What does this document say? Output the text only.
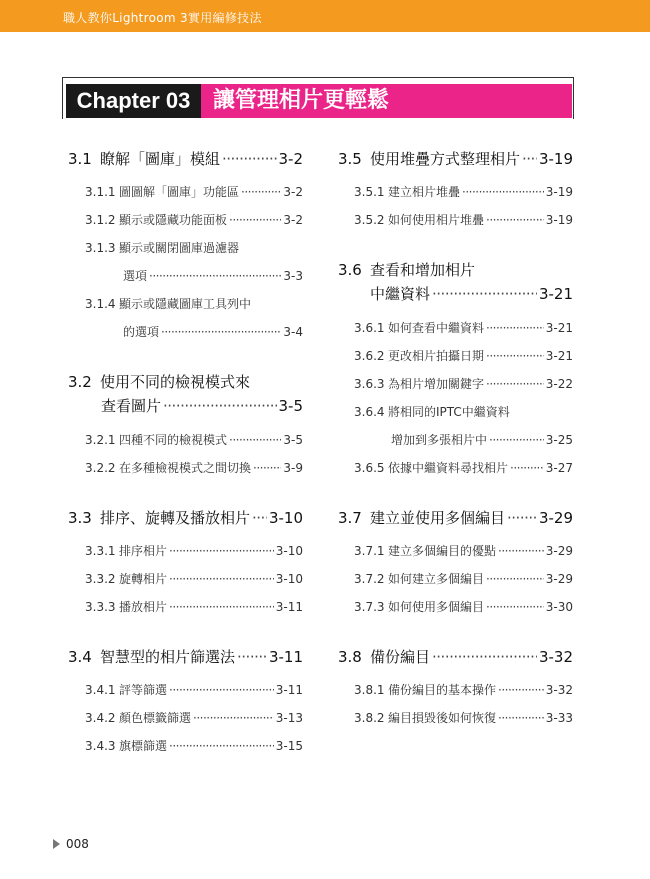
職人教你Lightroom 3實用編修技法
Chapter 03	讓管理相片更輕鬆
3.1 瞭解「圖庫」模組 ·····	3-2
3.1.1 圖圖解「圖庫」功能區 ·····	3-2
3.1.2 顯示或隱藏功能面板 ·····	3-2
3.1.3 顯示或關閉圖庫過濾器
選項 ·····	3-3
3.1.4 顯示或隱藏圖庫工具列中
的選項 ·····	3-4
3.2 使用不同的檢視模式來
查看圖片 ·····	3-5
3.2.1 四種不同的檢視模式 ·····	3-5
3.2.2 在多種檢視模式之間切換 ·····	3-9
3.3 排序、旋轉及播放相片 ····· 3-10
3.3.1 排序相片 ·····	3-10
3.3.2 旋轉相片 ·····	3-10
3.3.3 播放相片 ·····	3-11
3.4 智慧型的相片篩選法 ····· 3-11
3.4.1 評等篩選 ·····	3-11
3.4.2 顏色標籤篩選 ·····	3-13
3.4.3 旗標篩選 ·····	3-15
3.5 使用堆疊方式整理相片 ····· 3-19
3.5.1 建立相片堆疊 ·····	3-19
3.5.2 如何使用相片堆疊 ·····	3-19
3.6 查看和增加相片
中繼資料 ·····	3-21
3.6.1 如何查看中繼資料 ·····	3-21
3.6.2 更改相片拍攝日期 ·····	3-21
3.6.3 為相片增加關鍵字 ·····	3-22
3.6.4 將相同的IPTC中繼資料
增加到多張相片中 ·····	3-25
3.6.5 依據中繼資料尋找相片 ·····	3-27
3.7 建立並使用多個編目 ····· 3-29
3.7.1 建立多個編目的優點 ·····	3-29
3.7.2 如何建立多個編目 ·····	3-29
3.7.3 如何使用多個編目 ·····	3-30
3.8 備份編目 ·····	3-32
3.8.1 備份編目的基本操作 ·····	3-32
3.8.2 編目損毀後如何恢復 ·····	3-33
008
